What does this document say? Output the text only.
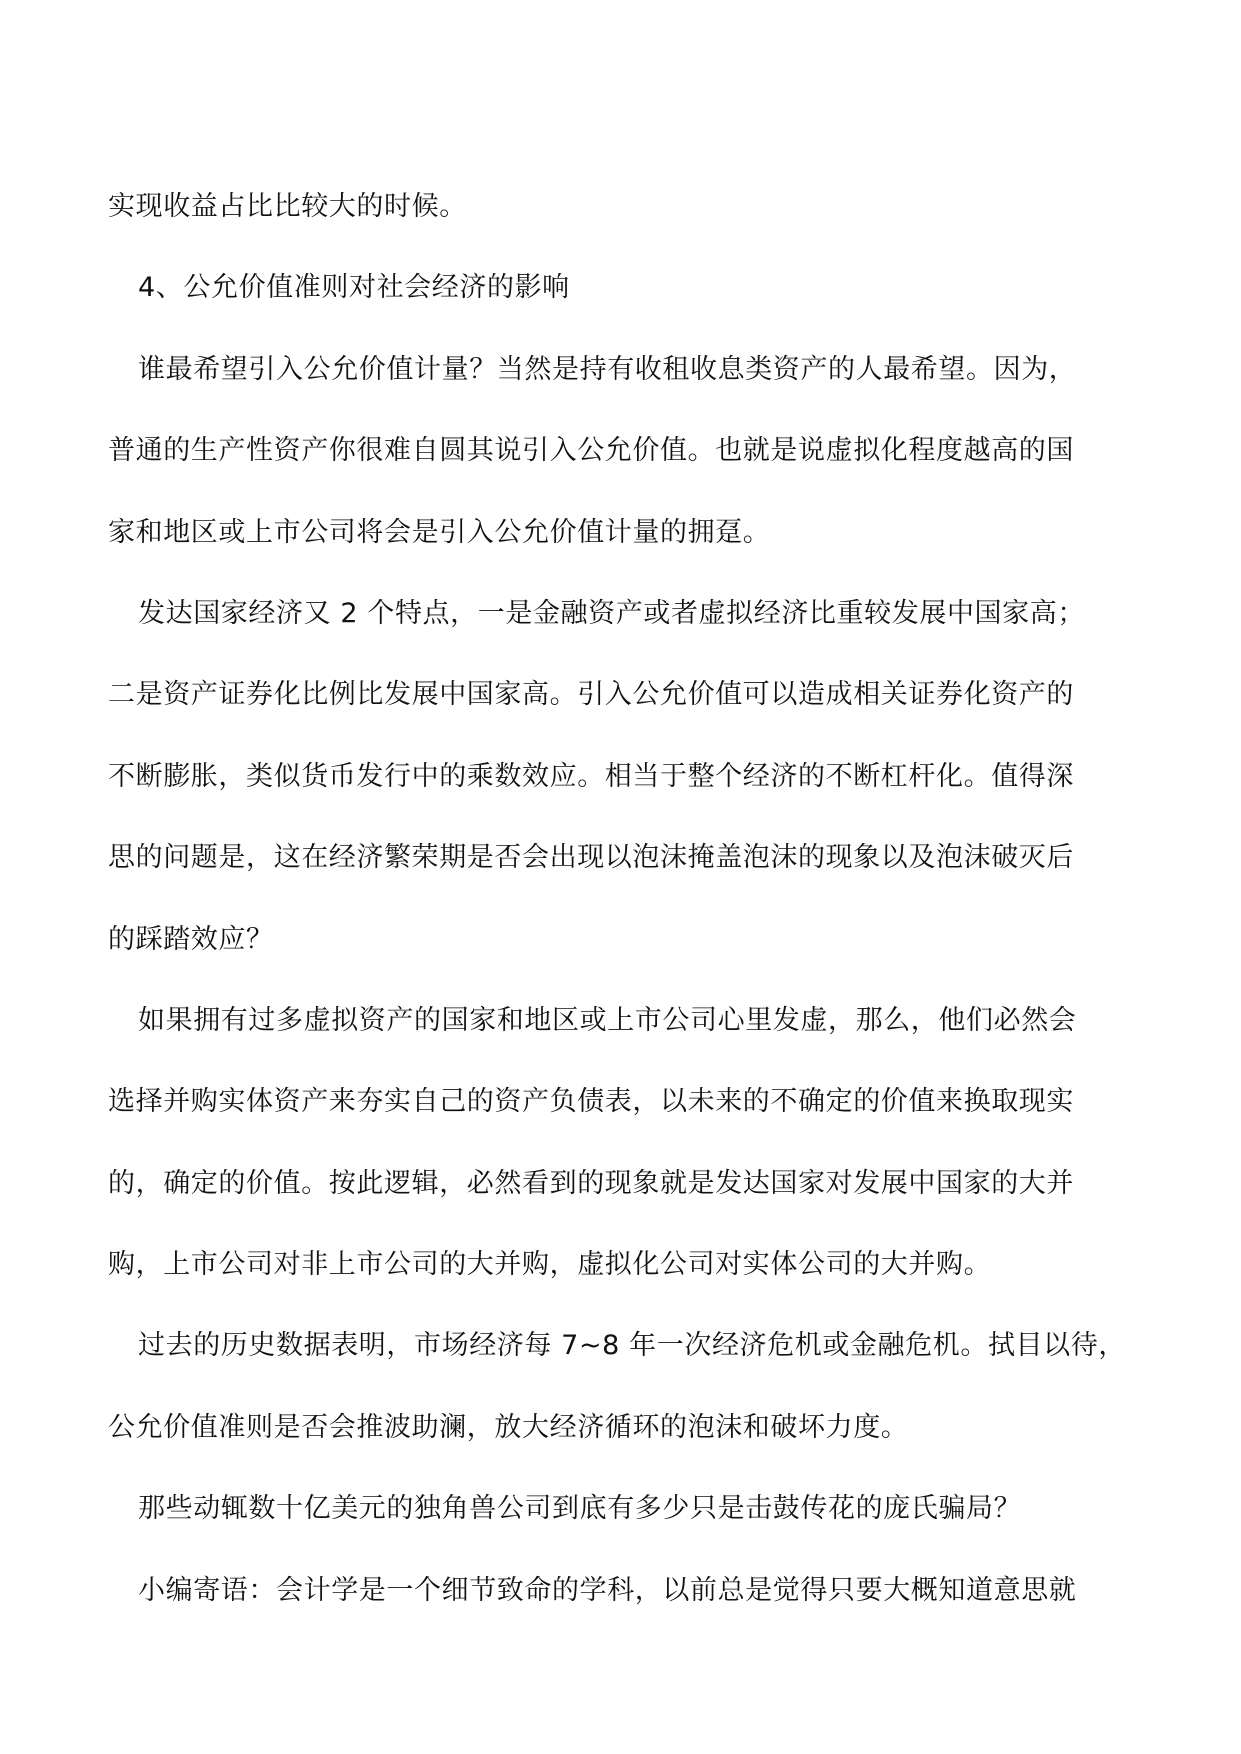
实现收益占比比较大的时候。
4、公允价值准则对社会经济的影响
谁最希望引入公允价值计量？当然是持有收租收息类资产的人最希望。因为，
普通的生产性资产你很难自圆其说引入公允价值。也就是说虚拟化程度越高的国
家和地区或上市公司将会是引入公允价值计量的拥趸。
发达国家经济又 2 个特点，一是金融资产或者虚拟经济比重较发展中国家高；
二是资产证券化比例比发展中国家高。引入公允价值可以造成相关证券化资产的
不断膨胀，类似货币发行中的乘数效应。相当于整个经济的不断杠杆化。值得深
思的问题是，这在经济繁荣期是否会出现以泡沫掩盖泡沫的现象以及泡沫破灭后
的踩踏效应？
如果拥有过多虚拟资产的国家和地区或上市公司心里发虚，那么，他们必然会
选择并购实体资产来夯实自己的资产负债表，以未来的不确定的价值来换取现实
的，确定的价值。按此逻辑，必然看到的现象就是发达国家对发展中国家的大并
购，上市公司对非上市公司的大并购，虚拟化公司对实体公司的大并购。
过去的历史数据表明，市场经济每 7~8 年一次经济危机或金融危机。拭目以待，
公允价值准则是否会推波助澜，放大经济循环的泡沫和破坏力度。
那些动辄数十亿美元的独角兽公司到底有多少只是击鼓传花的庞氏骗局？
小编寄语：会计学是一个细节致命的学科，以前总是觉得只要大概知道意思就
